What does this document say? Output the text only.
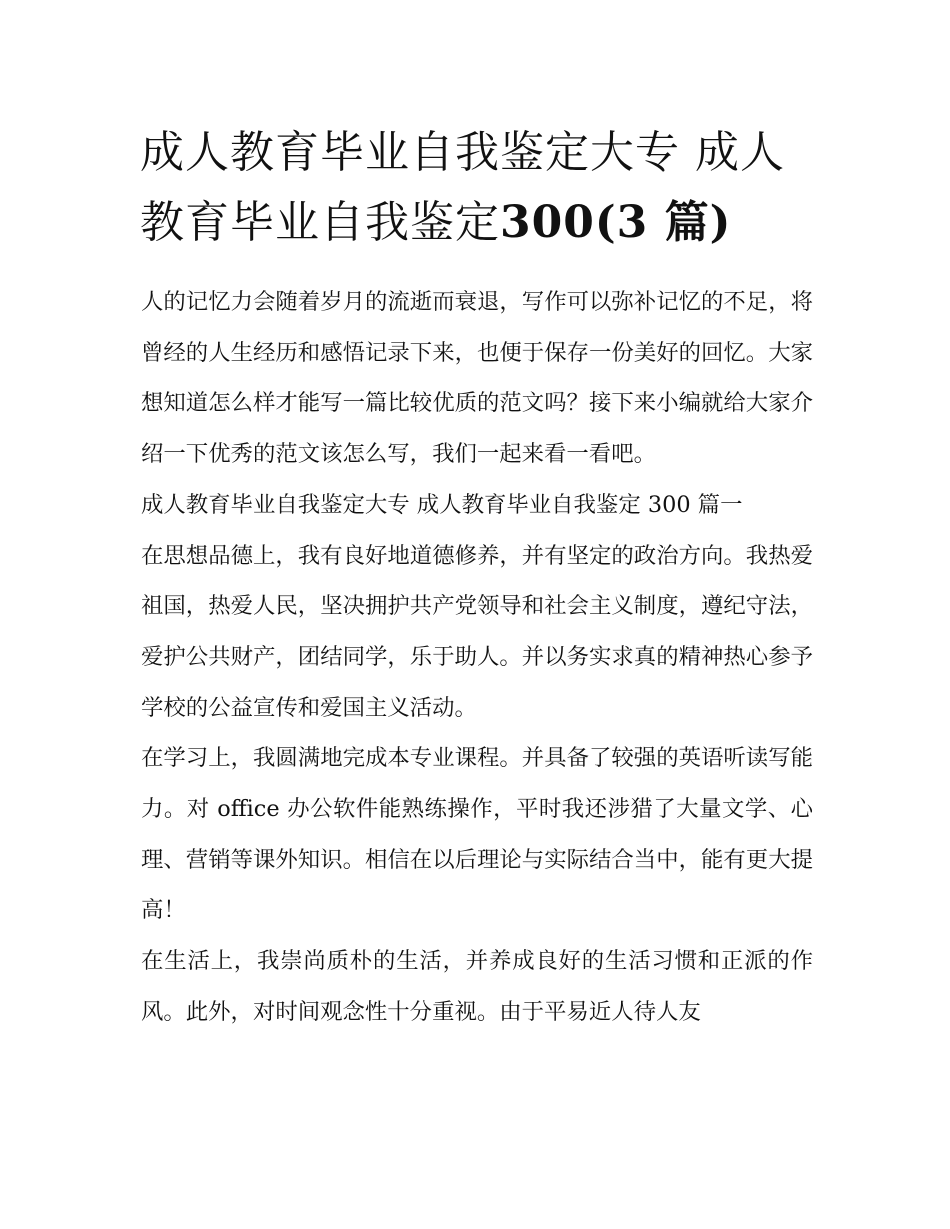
成人教育毕业自我鉴定大专 成人教育毕业自我鉴定300(3 篇)

人的记忆力会随着岁月的流逝而衰退，写作可以弥补记忆的不足，将曾经的人生经历和感悟记录下来，也便于保存一份美好的回忆。大家想知道怎么样才能写一篇比较优质的范文吗？接下来小编就给大家介绍一下优秀的范文该怎么写，我们一起来看一看吧。

成人教育毕业自我鉴定大专 成人教育毕业自我鉴定 300 篇一

在思想品德上，我有良好地道德修养，并有坚定的政治方向。我热爱祖国，热爱人民，坚决拥护共产党领导和社会主义制度，遵纪守法，爱护公共财产，团结同学，乐于助人。并以务实求真的精神热心参予学校的公益宣传和爱国主义活动。

在学习上，我圆满地完成本专业课程。并具备了较强的英语听读写能力。对 office 办公软件能熟练操作，平时我还涉猎了大量文学、心理、营销等课外知识。相信在以后理论与实际结合当中，能有更大提高！

在生活上，我崇尚质朴的生活，并养成良好的生活习惯和正派的作风。此外，对时间观念性十分重视。由于平易近人待人友
